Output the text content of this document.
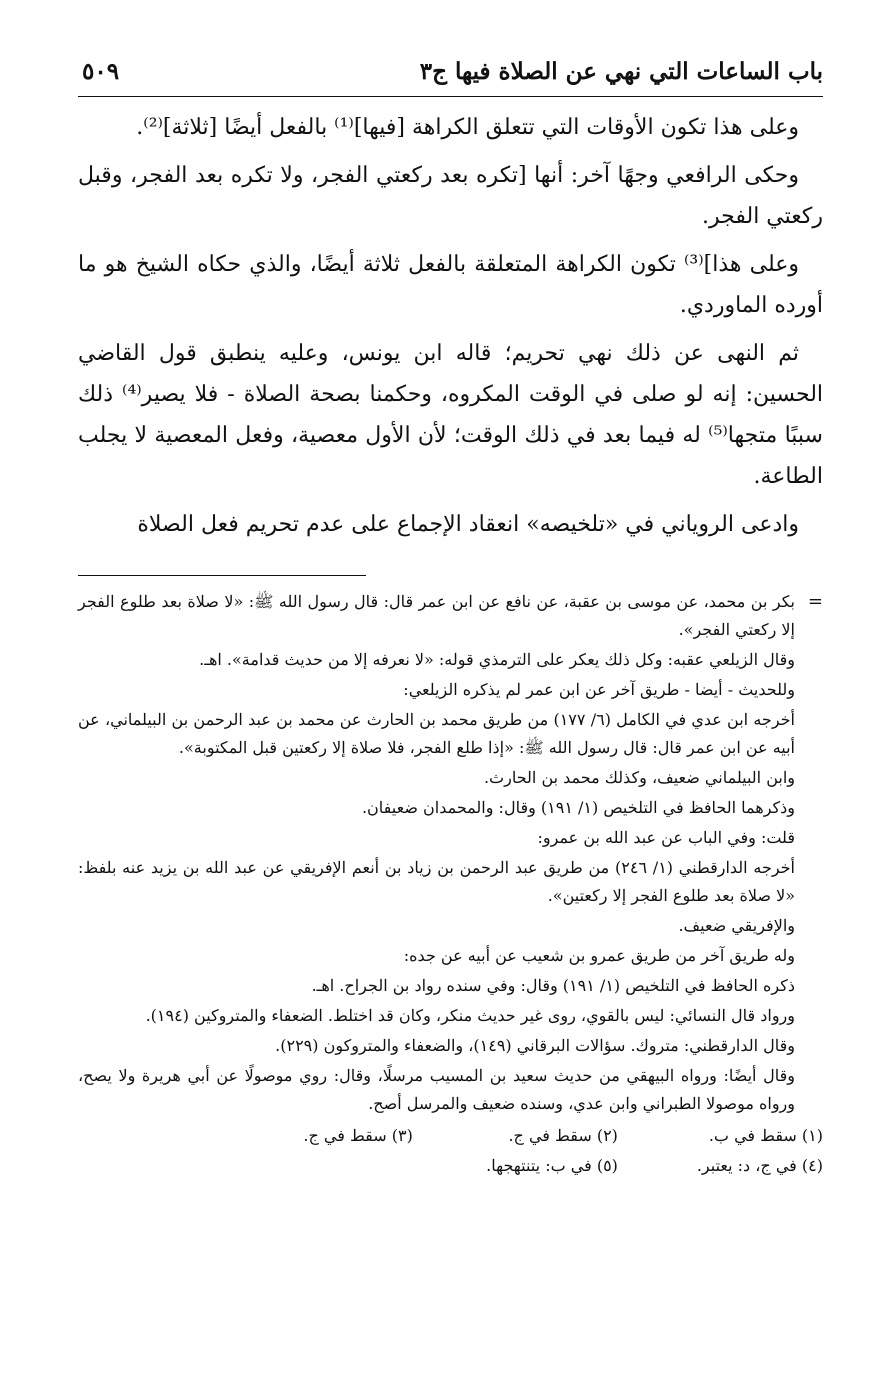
باب الساعات التي نهي عن الصلاة فيها ج٣
٥٠٩

وعلى هذا تكون الأوقات التي تتعلق الكراهة [فيها]⁽¹⁾ بالفعل أيضًا [ثلاثة]⁽²⁾.

وحكى الرافعي وجهًا آخر: أنها [تكره بعد ركعتي الفجر، ولا تكره بعد الفجر، وقبل ركعتي الفجر.

وعلى هذا]⁽³⁾ تكون الكراهة المتعلقة بالفعل ثلاثة أيضًا، والذي حكاه الشيخ هو ما أورده الماوردي.

ثم النهى عن ذلك نهي تحريم؛ قاله ابن يونس، وعليه ينطبق قول القاضي الحسين: إنه لو صلى في الوقت المكروه، وحكمنا بصحة الصلاة - فلا يصير⁽⁴⁾ ذلك سببًا متجها⁽⁵⁾ له فيما بعد في ذلك الوقت؛ لأن الأول معصية، وفعل المعصية لا يجلب الطاعة.

وادعى الروياني في «تلخيصه» انعقاد الإجماع على عدم تحريم فعل الصلاة

=
بكر بن محمد، عن موسى بن عقبة، عن نافع عن ابن عمر قال: قال رسول الله ﷺ: «لا صلاة بعد طلوع الفجر إلا ركعتي الفجر».
وقال الزيلعي عقبه: وكل ذلك يعكر على الترمذي قوله: «لا نعرفه إلا من حديث قدامة». اهـ.
وللحديث - أيضا - طريق آخر عن ابن عمر لم يذكره الزيلعي:
أخرجه ابن عدي في الكامل (٦/ ١٧٧) من طريق محمد بن الحارث عن محمد بن عبد الرحمن بن البيلماني، عن أبيه عن ابن عمر قال: قال رسول الله ﷺ: «إذا طلع الفجر، فلا صلاة إلا ركعتين قبل المكتوبة».
وابن البيلماني ضعيف، وكذلك محمد بن الحارث.
وذكرهما الحافظ في التلخيص (١/ ١٩١) وقال: والمحمدان ضعيفان.
قلت: وفي الباب عن عبد الله بن عمرو:
أخرجه الدارقطني (١/ ٢٤٦) من طريق عبد الرحمن بن زياد بن أنعم الإفريقي عن عبد الله بن يزيد عنه بلفظ: «لا صلاة بعد طلوع الفجر إلا ركعتين».
والإفريقي ضعيف.
وله طريق آخر من طريق عمرو بن شعيب عن أبيه عن جده:
ذكره الحافظ في التلخيص (١/ ١٩١) وقال: وفي سنده رواد بن الجراح. اهـ.
ورواد قال النسائي: ليس بالقوي، روى غير حديث منكر، وكان قد اختلط. الضعفاء والمتروكين (١٩٤).
وقال الدارقطني: متروك. سؤالات البرقاني (١٤٩)، والضعفاء والمتروكون (٢٢٩).
وقال أيضًا: ورواه البيهقي من حديث سعيد بن المسيب مرسلًا، وقال: روي موصولًا عن أبي هريرة ولا يصح، ورواه موصولا الطبراني وابن عدي، وسنده ضعيف والمرسل أصح.
(١) سقط في ب. (٢) سقط في ج. (٣) سقط في ج.
(٤) في ج، د: يعتبر. (٥) في ب: يتنتهجها.
